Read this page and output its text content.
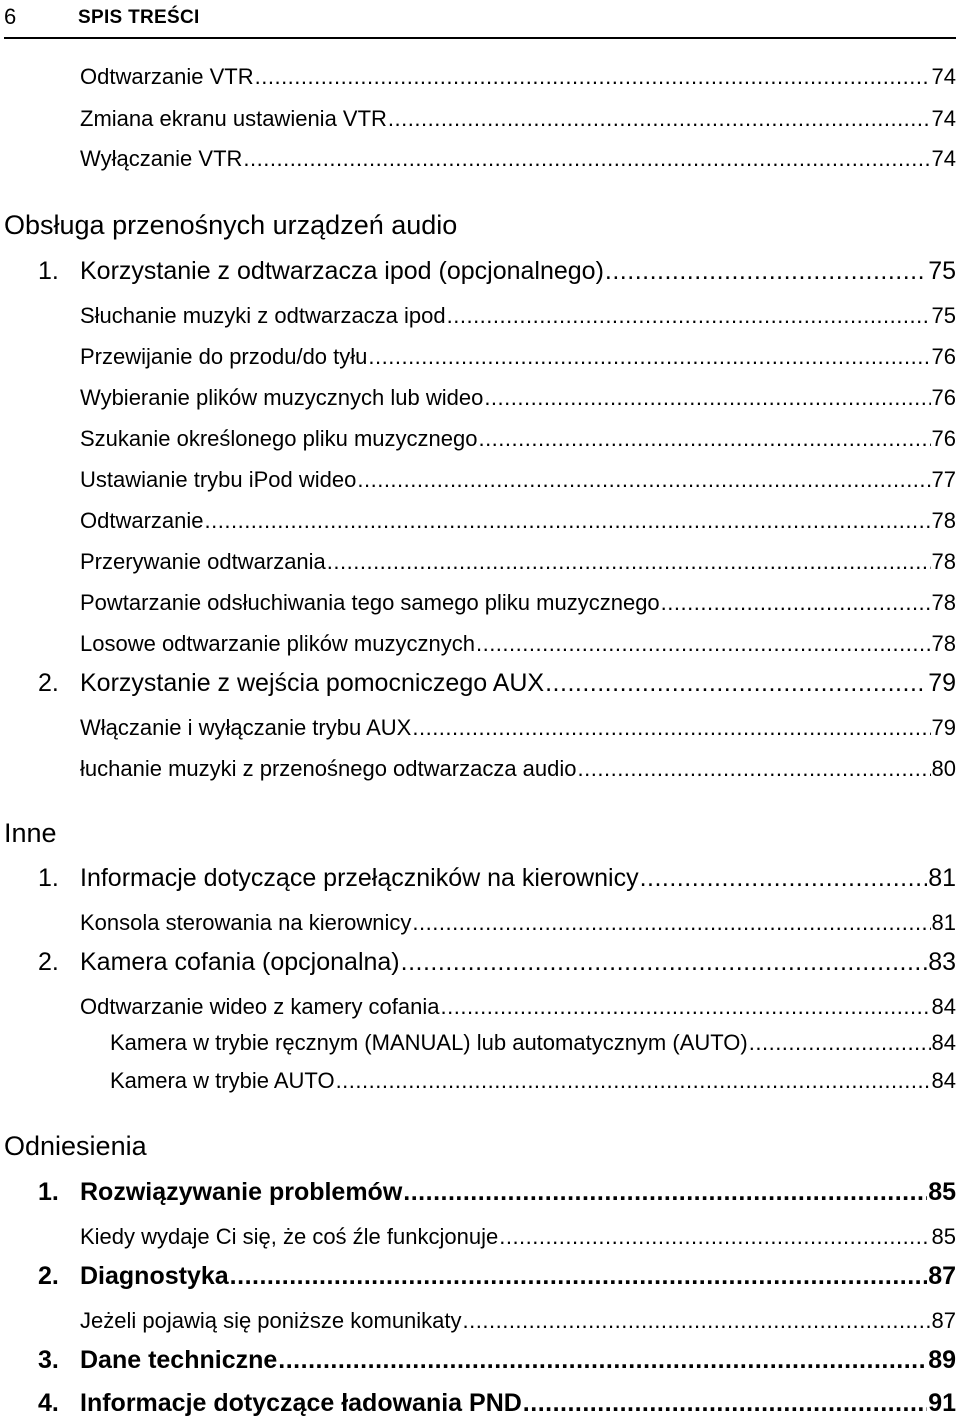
6	SPIS TREŚCI
Odtwarzanie VTR .....	74
Zmiana ekranu ustawienia VTR .....	74
Wyłączanie VTR .....	74
Obsługa przenośnych urządzeń audio
1. Korzystanie z odtwarzacza ipod (opcjonalnego) .....	75
Słuchanie muzyki z odtwarzacza ipod .....	75
Przewijanie do przodu/do tyłu .....	76
Wybieranie plików muzycznych lub wideo .....	76
Szukanie określonego pliku muzycznego .....	76
Ustawianie trybu iPod wideo .....	77
Odtwarzanie .....	78
Przerywanie odtwarzania .....	78
Powtarzanie odsłuchiwania tego samego pliku muzycznego .....	78
Losowe odtwarzanie plików muzycznych .....	78
2. Korzystanie z wejścia pomocniczego AUX .....	79
Włączanie i wyłączanie trybu AUX .....	79
łuchanie muzyki z przenośnego odtwarzacza audio .....	80
Inne
1. Informacje dotyczące przełączników na kierownicy .....	81
Konsola sterowania na kierownicy .....	81
2. Kamera cofania (opcjonalna) .....	83
Odtwarzanie wideo z kamery cofania .....	84
Kamera w trybie ręcznym (MANUAL) lub automatycznym (AUTO) .....	84
Kamera w trybie AUTO .....	84
Odniesienia
1. Rozwiązywanie problemów .....	85
Kiedy wydaje Ci się, że coś źle funkcjonuje .....	85
2. Diagnostyka .....	87
Jeżeli pojawią się poniższe komunikaty .....	87
3. Dane techniczne .....	89
4. Informacje dotyczące ładowania PND .....	91
